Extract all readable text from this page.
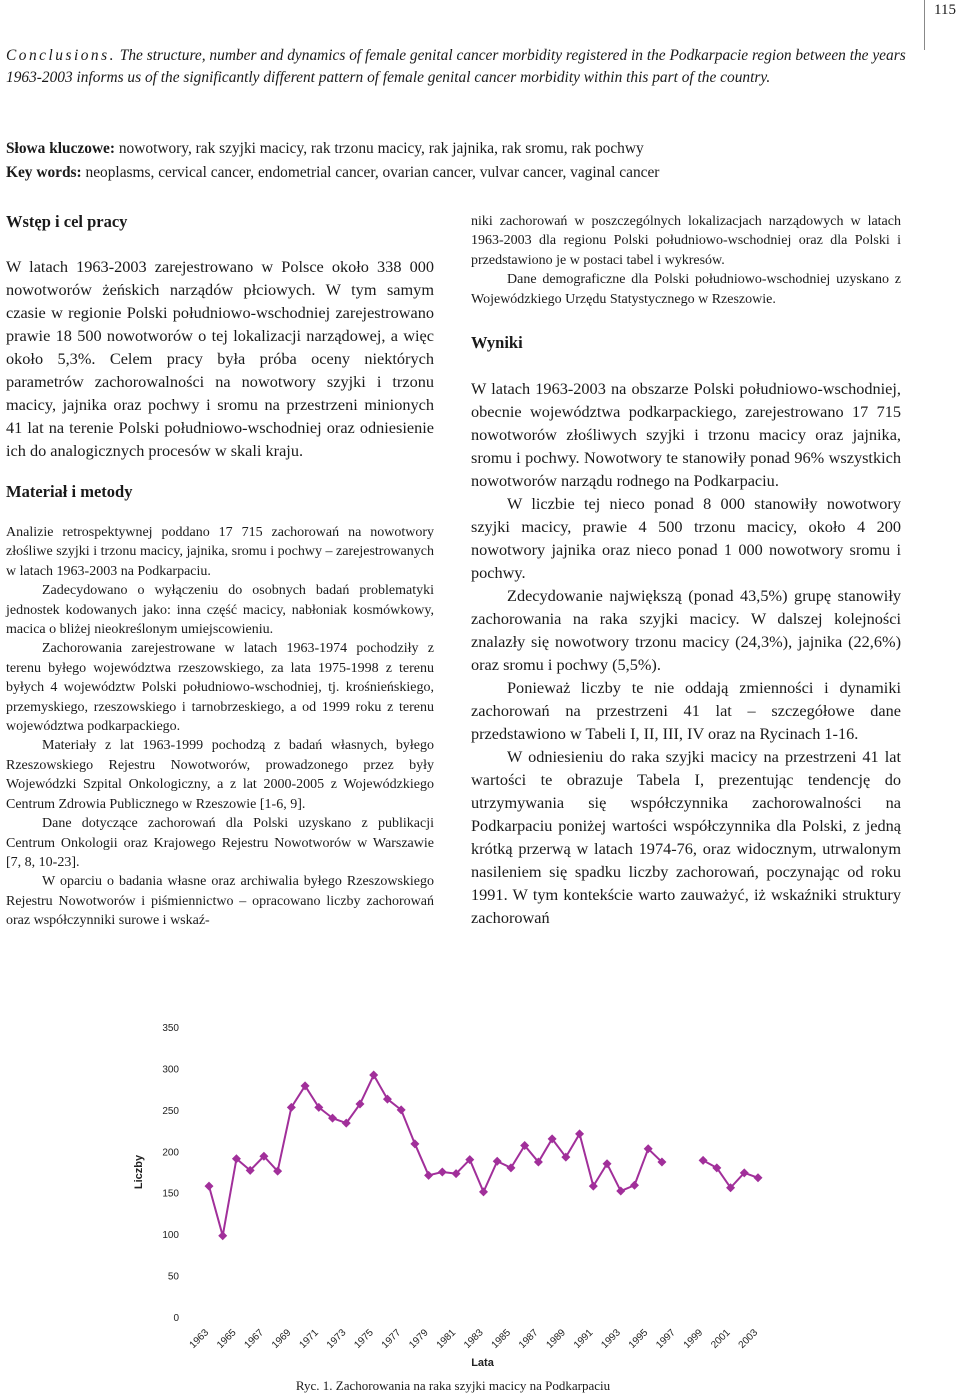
115

Conclusions. The structure, number and dynamics of female genital cancer morbidity registered in the Podkarpacie region between the years 1963-2003 informs us of the significantly different pattern of female genital cancer morbidity within this part of the country.

Słowa kluczowe: nowotwory, rak szyjki macicy, rak trzonu macicy, rak jajnika, rak sromu, rak pochwy

Key words: neoplasms, cervical cancer, endometrial cancer, ovarian cancer, vulvar cancer, vaginal cancer

Wstęp i cel pracy

W latach 1963-2003 zarejestrowano w Polsce około 338 000 nowotworów żeńskich narządów płciowych. W tym samym czasie w regionie Polski południowo-wschodniej zarejestrowano prawie 18 500 nowotworów o tej lokalizacji narządowej, a więc około 5,3%. Celem pracy była próba oceny niektórych parametrów zachorowalności na nowotwory szyjki i trzonu macicy, jajnika oraz pochwy i sromu na przestrzeni minionych 41 lat na terenie Polski południowo-wschodniej oraz odniesienie ich do analogicznych procesów w skali kraju.

Materiał i metody

Analizie retrospektywnej poddano 17 715 zachorowań na nowotwory złośliwe szyjki i trzonu macicy, jajnika, sromu i pochwy – zarejestrowanych w latach 1963-2003 na Podkarpaciu.

Zadecydowano o wyłączeniu do osobnych badań problematyki jednostek kodowanych jako: inna część macicy, nabłoniak kosmówkowy, macica o bliżej nieokreślonym umiejscowieniu.

Zachorowania zarejestrowane w latach 1963-1974 pochodziły z terenu byłego województwa rzeszowskiego, za lata 1975-1998 z terenu byłych 4 województw Polski południowo-wschodniej, tj. krośnieńskiego, przemyskiego, rzeszowskiego i tarnobrzeskiego, a od 1999 roku z terenu województwa podkarpackiego.

Materiały z lat 1963-1999 pochodzą z badań własnych, byłego Rzeszowskiego Rejestru Nowotworów, prowadzonego przez były Wojewódzki Szpital Onkologiczny, a z lat 2000-2005 z Wojewódzkiego Centrum Zdrowia Publicznego w Rzeszowie [1-6, 9].

Dane dotyczące zachorowań dla Polski uzyskano z publikacji Centrum Onkologii oraz Krajowego Rejestru Nowotworów w Warszawie [7, 8, 10-23].

W oparciu o badania własne oraz archiwalia byłego Rzeszowskiego Rejestru Nowotworów i piśmiennictwo – opracowano liczby zachorowań oraz współczynniki surowe i wskaź-

niki zachorowań w poszczególnych lokalizacjach narządowych w latach 1963-2003 dla regionu Polski południowo-wschodniej oraz dla Polski i przedstawiono je w postaci tabel i wykresów.

Dane demograficzne dla Polski południowo-wschodniej uzyskano z Wojewódzkiego Urzędu Statystycznego w Rzeszowie.

Wyniki

W latach 1963-2003 na obszarze Polski południowo-wschodniej, obecnie województwa podkarpackiego, zarejestrowano 17 715 nowotworów złośliwych szyjki i trzonu macicy oraz jajnika, sromu i pochwy. Nowotwory te stanowiły ponad 96% wszystkich nowotworów narządu rodnego na Podkarpaciu.

W liczbie tej nieco ponad 8 000 stanowiły nowotwory szyjki macicy, prawie 4 500 trzonu macicy, około 4 200 nowotwory jajnika oraz nieco ponad 1 000 nowotwory sromu i pochwy.

Zdecydowanie największą (ponad 43,5%) grupę stanowiły zachorowania na raka szyjki macicy. W dalszej kolejności znalazły się nowotwory trzonu macicy (24,3%), jajnika (22,6%) oraz sromu i pochwy (5,5%).

Ponieważ liczby te nie oddają zmienności i dynamiki zachorowań na przestrzeni 41 lat – szczegółowe dane przedstawiono w Tabeli I, II, III, IV oraz na Rycinach 1-16.

W odniesieniu do raka szyjki macicy na przestrzeni 41 lat wartości te obrazuje Tabela I, prezentując tendencję do utrzymywania się współczynnika zachorowalności na Podkarpaciu poniżej wartości współczynnika dla Polski, z jedną krótką przerwą w latach 1974-76, oraz widocznym, utrwalonym nasileniem się spadku liczby zachorowań, poczynając od roku 1991. W tym kontekście warto zauważyć, iż wskaźniki struktury zachorowań

0
50
100
150
200
250
300
350
Liczby
1963 1965 1967 1969 1971 1973 1975 1977 1979 1981 1983 1985 1987 1989 1991 1993 1995 1997 1999 2001 2003
Lata
Ryc. 1. Zachorowania na raka szyjki macicy na Podkarpaciu
